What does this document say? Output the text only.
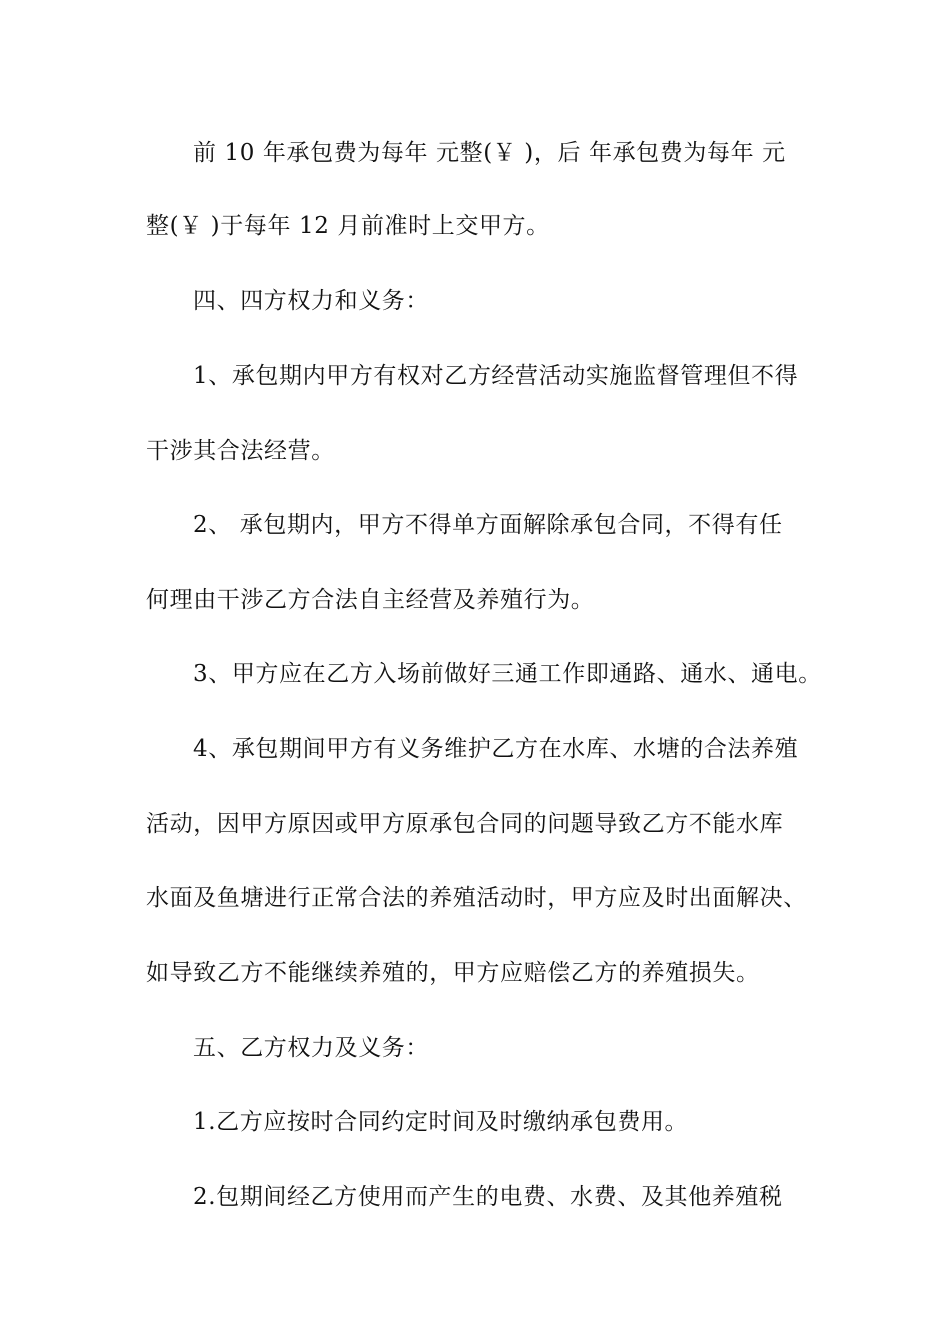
前 10 年承包费为每年 元整(￥ )，后 年承包费为每年 元
整(￥ )于每年 12 月前准时上交甲方。
四、四方权力和义务：
1、承包期内甲方有权对乙方经营活动实施监督管理但不得
干涉其合法经营。
2、 承包期内，甲方不得单方面解除承包合同，不得有任
何理由干涉乙方合法自主经营及养殖行为。
3、甲方应在乙方入场前做好三通工作即通路、通水、通电。
4、承包期间甲方有义务维护乙方在水库、水塘的合法养殖
活动，因甲方原因或甲方原承包合同的问题导致乙方不能水库
水面及鱼塘进行正常合法的养殖活动时，甲方应及时出面解决、
如导致乙方不能继续养殖的，甲方应赔偿乙方的养殖损失。
五、乙方权力及义务：
1.乙方应按时合同约定时间及时缴纳承包费用。
2.包期间经乙方使用而产生的电费、水费、及其他养殖税
